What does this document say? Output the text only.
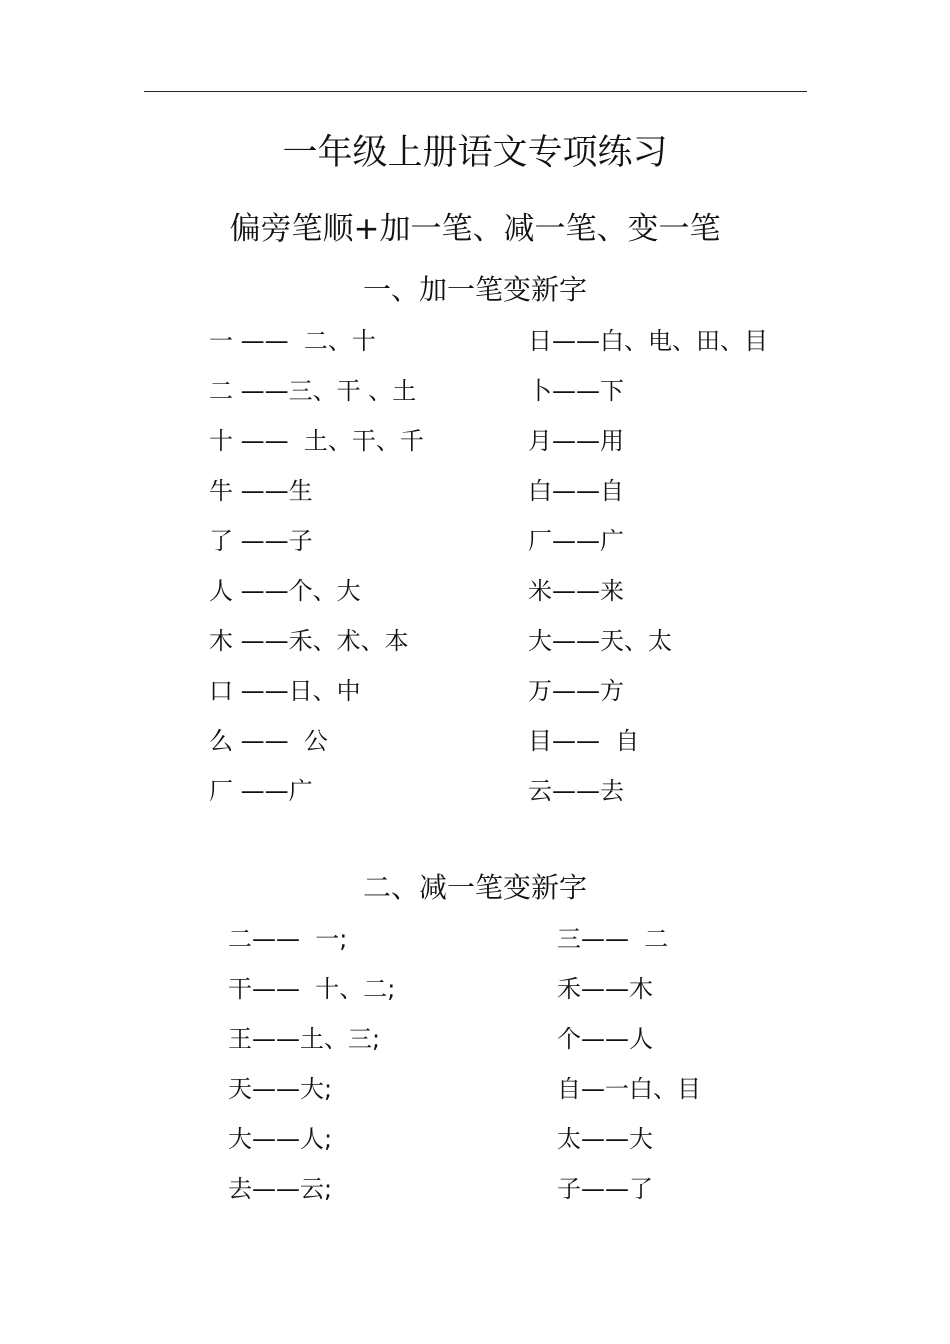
一年级上册语文专项练习
偏旁笔顺+加一笔、减一笔、变一笔
一、加一笔变新字
一 ——  二、十
二 ——三、干 、土
十 ——  土、干、千
牛 ——生
了 ——子
人 ——个、大
木 ——禾、术、本
口 ——日、中
么 ——  公
厂 ——广
日——白、电、田、目
卜——下
月——用
白——自
厂——广
米——来
大——天、太
万——方
目——  自
云——去
二、减一笔变新字
二——  一;
干——  十、二;
王——土、三;
天——大;
大——人;
去——云;
三——  二
禾——木
个——人
自—一白、目
太——大
子——了
